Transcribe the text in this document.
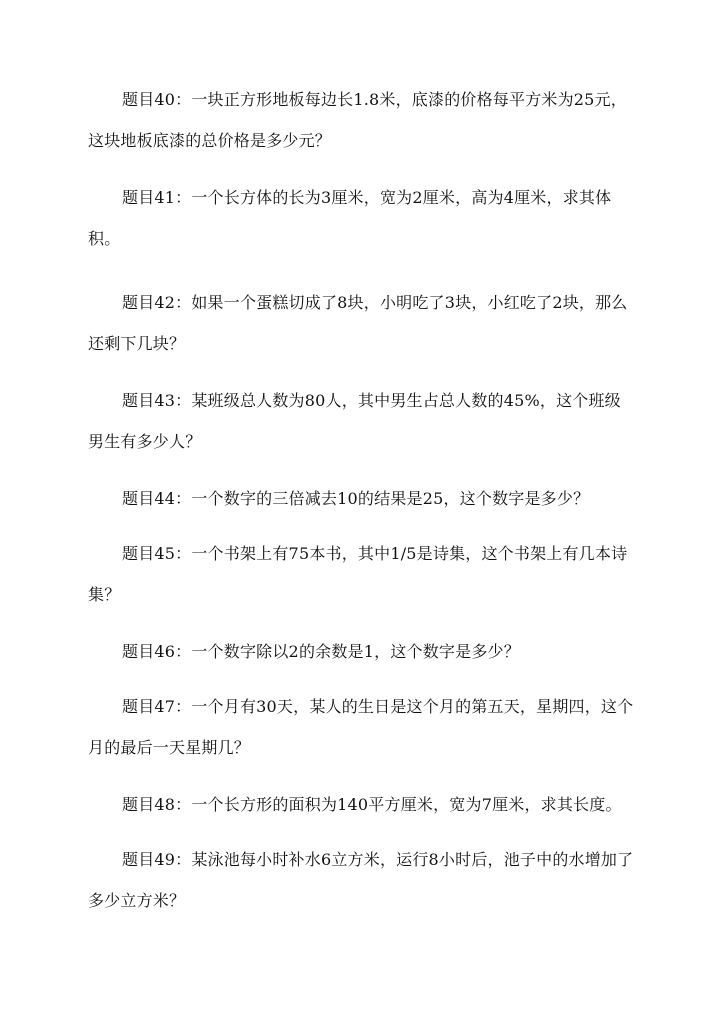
题目40：一块正方形地板每边长1.8米，底漆的价格每平方米为25元，这块地板底漆的总价格是多少元？

题目41：一个长方体的长为3厘米，宽为2厘米，高为4厘米，求其体积。

题目42：如果一个蛋糕切成了8块，小明吃了3块，小红吃了2块，那么还剩下几块？

题目43：某班级总人数为80人，其中男生占总人数的45%，这个班级男生有多少人？

题目44：一个数字的三倍减去10的结果是25，这个数字是多少？

题目45：一个书架上有75本书，其中1/5是诗集，这个书架上有几本诗集？

题目46：一个数字除以2的余数是1，这个数字是多少？

题目47：一个月有30天，某人的生日是这个月的第五天，星期四，这个月的最后一天星期几？

题目48：一个长方形的面积为140平方厘米，宽为7厘米，求其长度。

题目49：某泳池每小时补水6立方米，运行8小时后，池子中的水增加了多少立方米？
